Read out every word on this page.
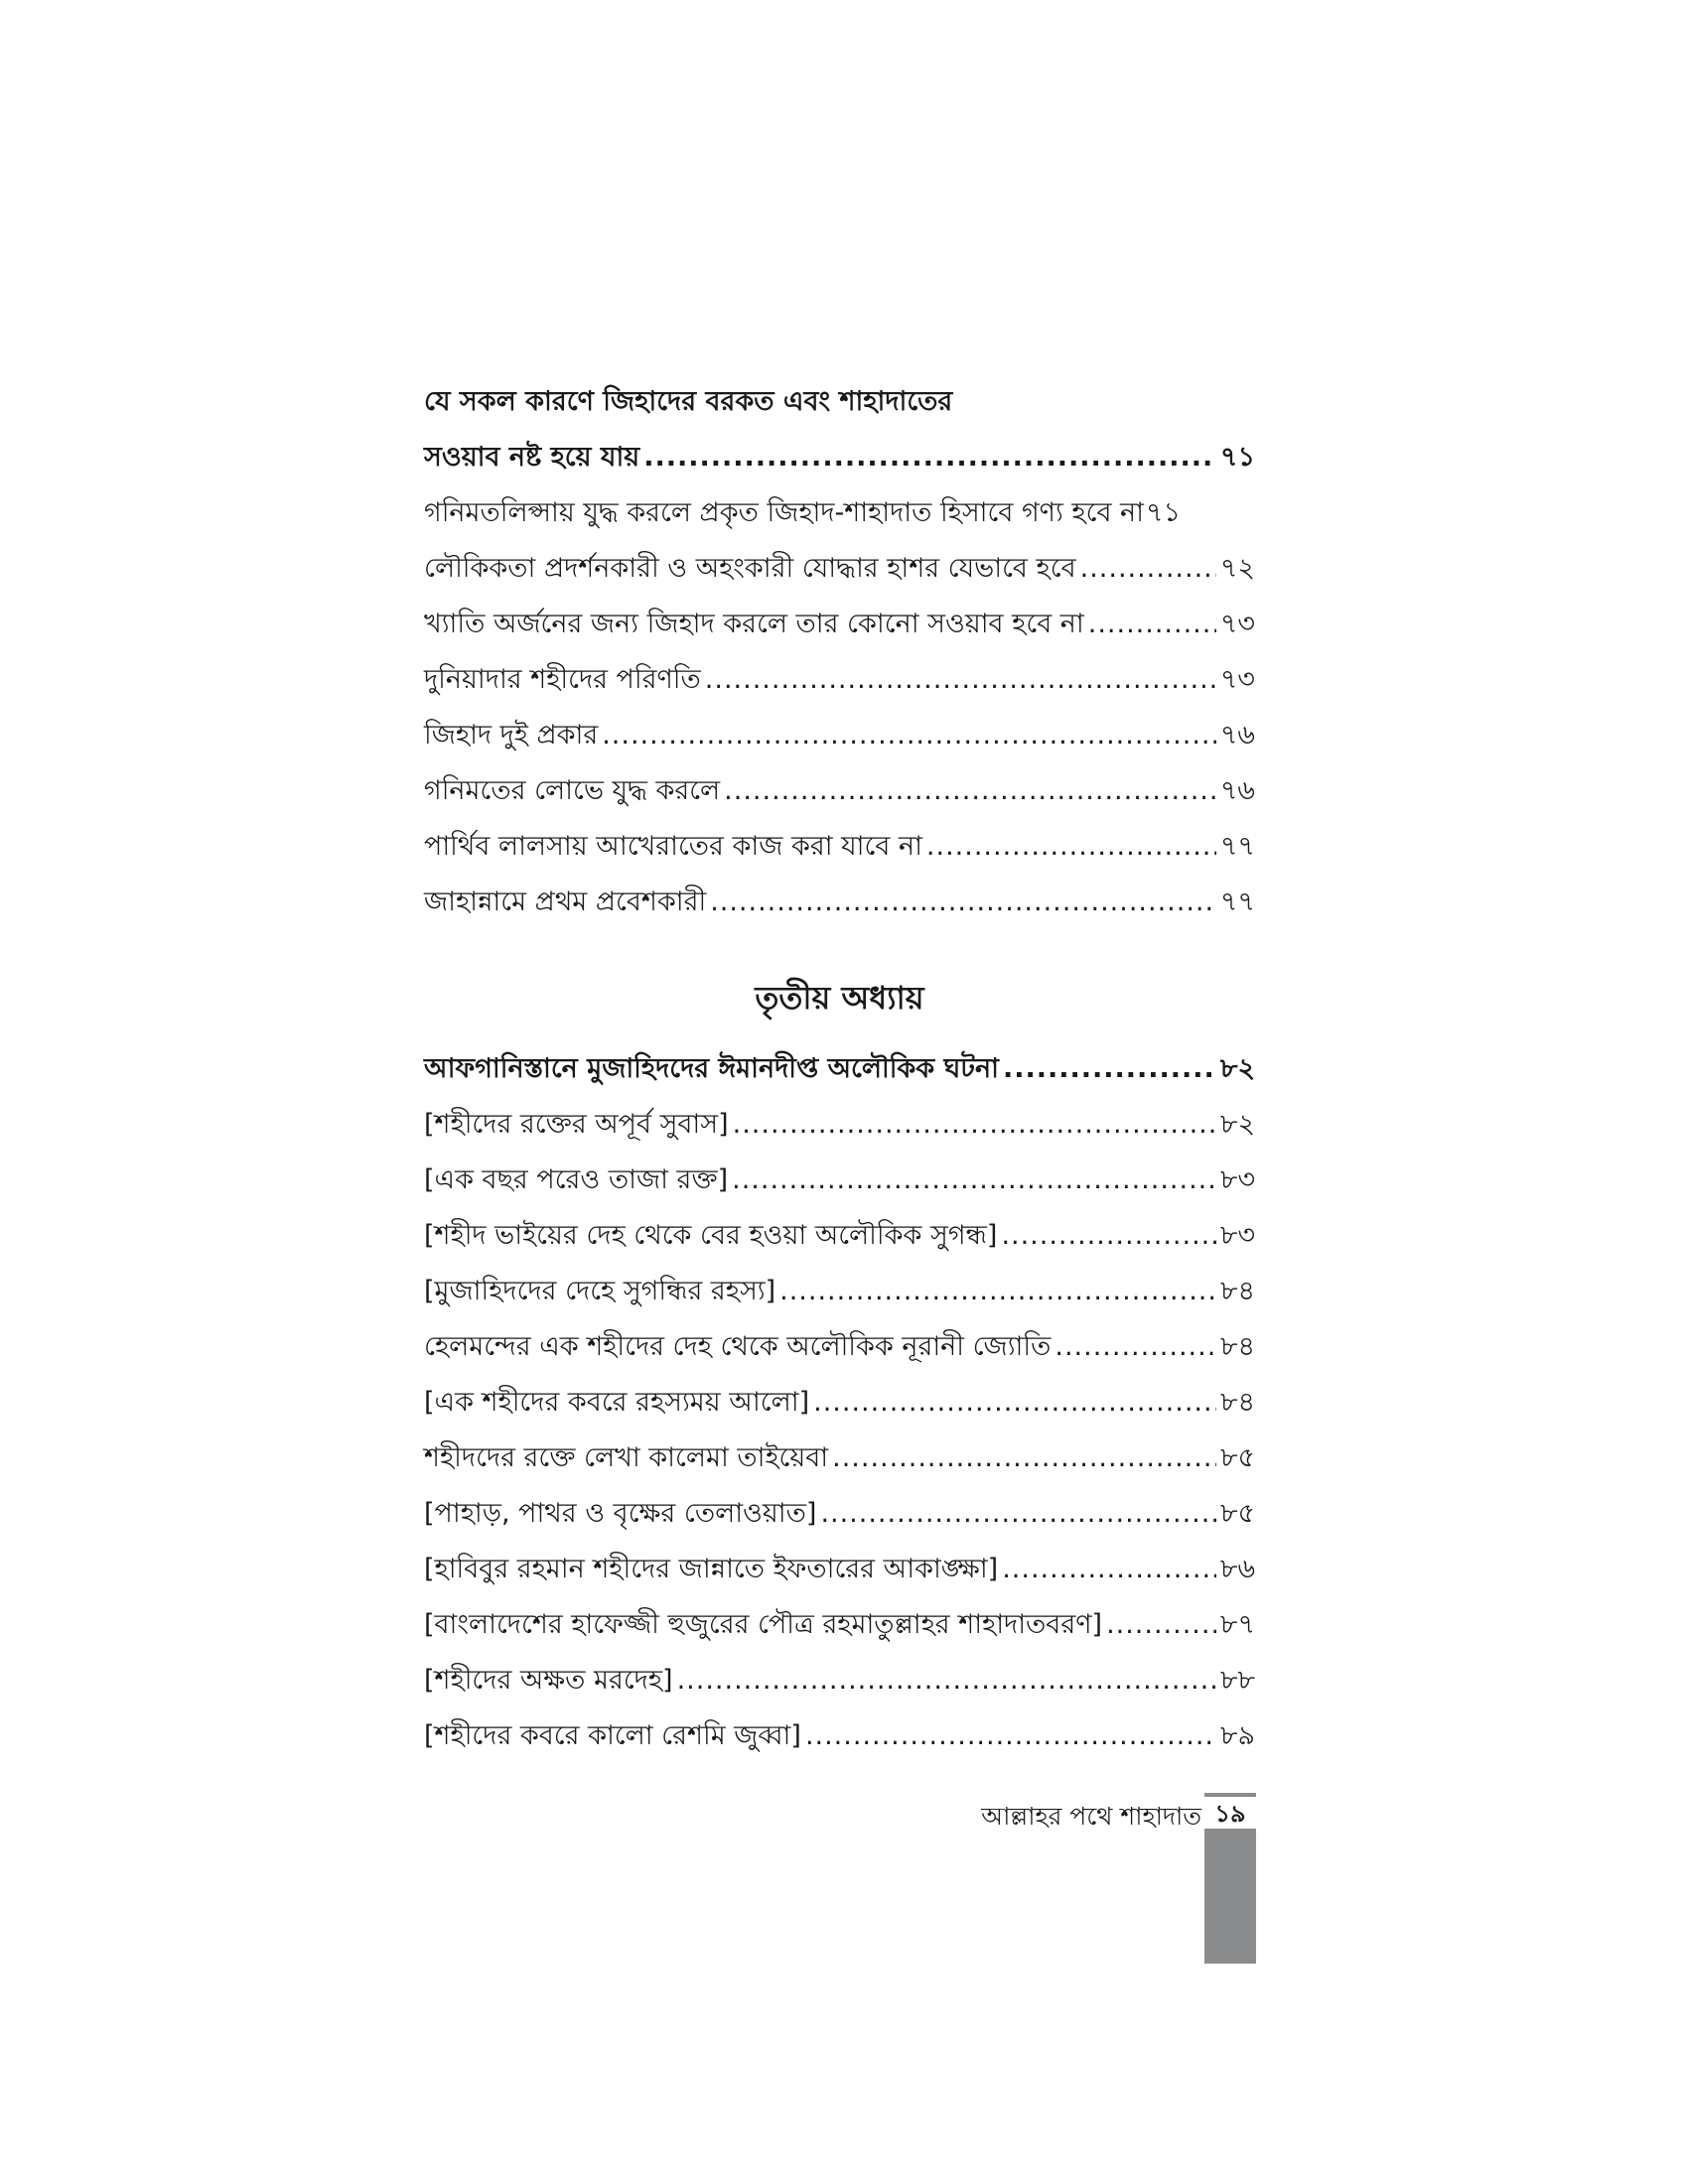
যে সকল কারণে জিহাদের বরকত এবং শাহাদাতের
সওয়াব নষ্ট হয়ে যায় .....	৭১
গনিমতলিপ্সায় যুদ্ধ করলে প্রকৃত জিহাদ-শাহাদাত হিসাবে গণ্য হবে না ৭১
লৌকিকতা প্রদর্শনকারী ও অহংকারী যোদ্ধার হাশর যেভাবে হবে .....	৭২
খ্যাতি অর্জনের জন্য জিহাদ করলে তার কোনো সওয়াব হবে না .....	৭৩
দুনিয়াদার শহীদের পরিণতি .....	৭৩
জিহাদ দুই প্রকার .....	৭৬
গনিমতের লোভে যুদ্ধ করলে .....	৭৬
পার্থিব লালসায় আখেরাতের কাজ করা যাবে না .....	৭৭
জাহান্নামে প্রথম প্রবেশকারী .....	৭৭
তৃতীয় অধ্যায়
আফগানিস্তানে মুজাহিদদের ঈমানদীপ্ত অলৌকিক ঘটনা .....	৮২
[শহীদের রক্তের অপূর্ব সুবাস] .....	৮২
[এক বছর পরেও তাজা রক্ত] .....	৮৩
[শহীদ ভাইয়ের দেহ থেকে বের হওয়া অলৌকিক সুগন্ধ] .....	৮৩
[মুজাহিদদের দেহে সুগন্ধির রহস্য] .....	৮৪
হেলমন্দের এক শহীদের দেহ থেকে অলৌকিক নূরানী জ্যোতি .....	৮৪
[এক শহীদের কবরে রহস্যময় আলো] .....	৮৪
শহীদদের রক্তে লেখা কালেমা তাইয়েবা .....	৮৫
[পাহাড়, পাথর ও বৃক্ষের তেলাওয়াত] .....	৮৫
[হাবিবুর রহমান শহীদের জান্নাতে ইফতারের আকাঙ্ক্ষা] .....	৮৬
[বাংলাদেশের হাফেজ্জী হুজুরের পৌত্র রহমাতুল্লাহর শাহাদাতবরণ] .....	৮৭
[শহীদের অক্ষত মরদেহ] .....	৮৮
[শহীদের কবরে কালো রেশমি জুব্বা] .....	৮৯
আল্লাহর পথে শাহাদাত ১৯
